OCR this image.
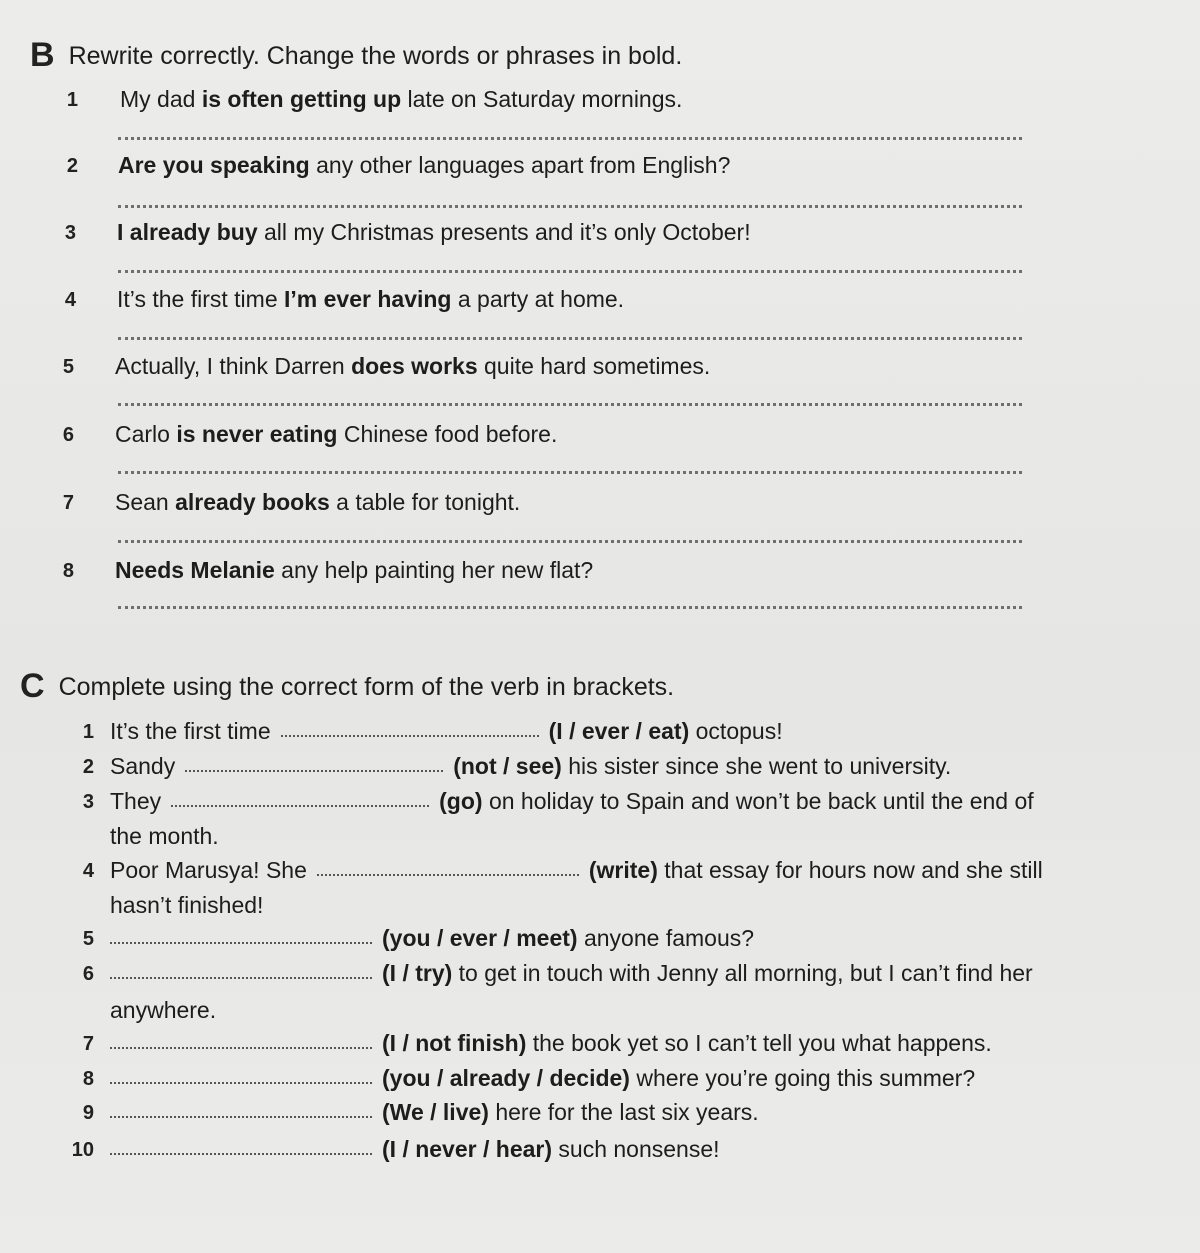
B Rewrite correctly. Change the words or phrases in bold.
1 My dad is often getting up late on Saturday mornings.
2 Are you speaking any other languages apart from English?
3 I already buy all my Christmas presents and it’s only October!
4 It’s the first time I’m ever having a party at home.
5 Actually, I think Darren does works quite hard sometimes.
6 Carlo is never eating Chinese food before.
7 Sean already books a table for tonight.
8 Needs Melanie any help painting her new flat?
C Complete using the correct form of the verb in brackets.
1 It’s the first time	(I / ever / eat) octopus!
2 Sandy	(not / see) his sister since she went to university.
3 They	(go) on holiday to Spain and won’t be back until the end of
the month.
4 Poor Marusya! She	(write) that essay for hours now and she still
hasn’t finished!
5	(you / ever / meet) anyone famous?
6	(I / try) to get in touch with Jenny all morning, but I can’t find her
anywhere.
7	(I / not finish) the book yet so I can’t tell you what happens.
8	(you / already / decide) where you’re going this summer?
9	(We / live) here for the last six years.
10	(I / never / hear) such nonsense!
